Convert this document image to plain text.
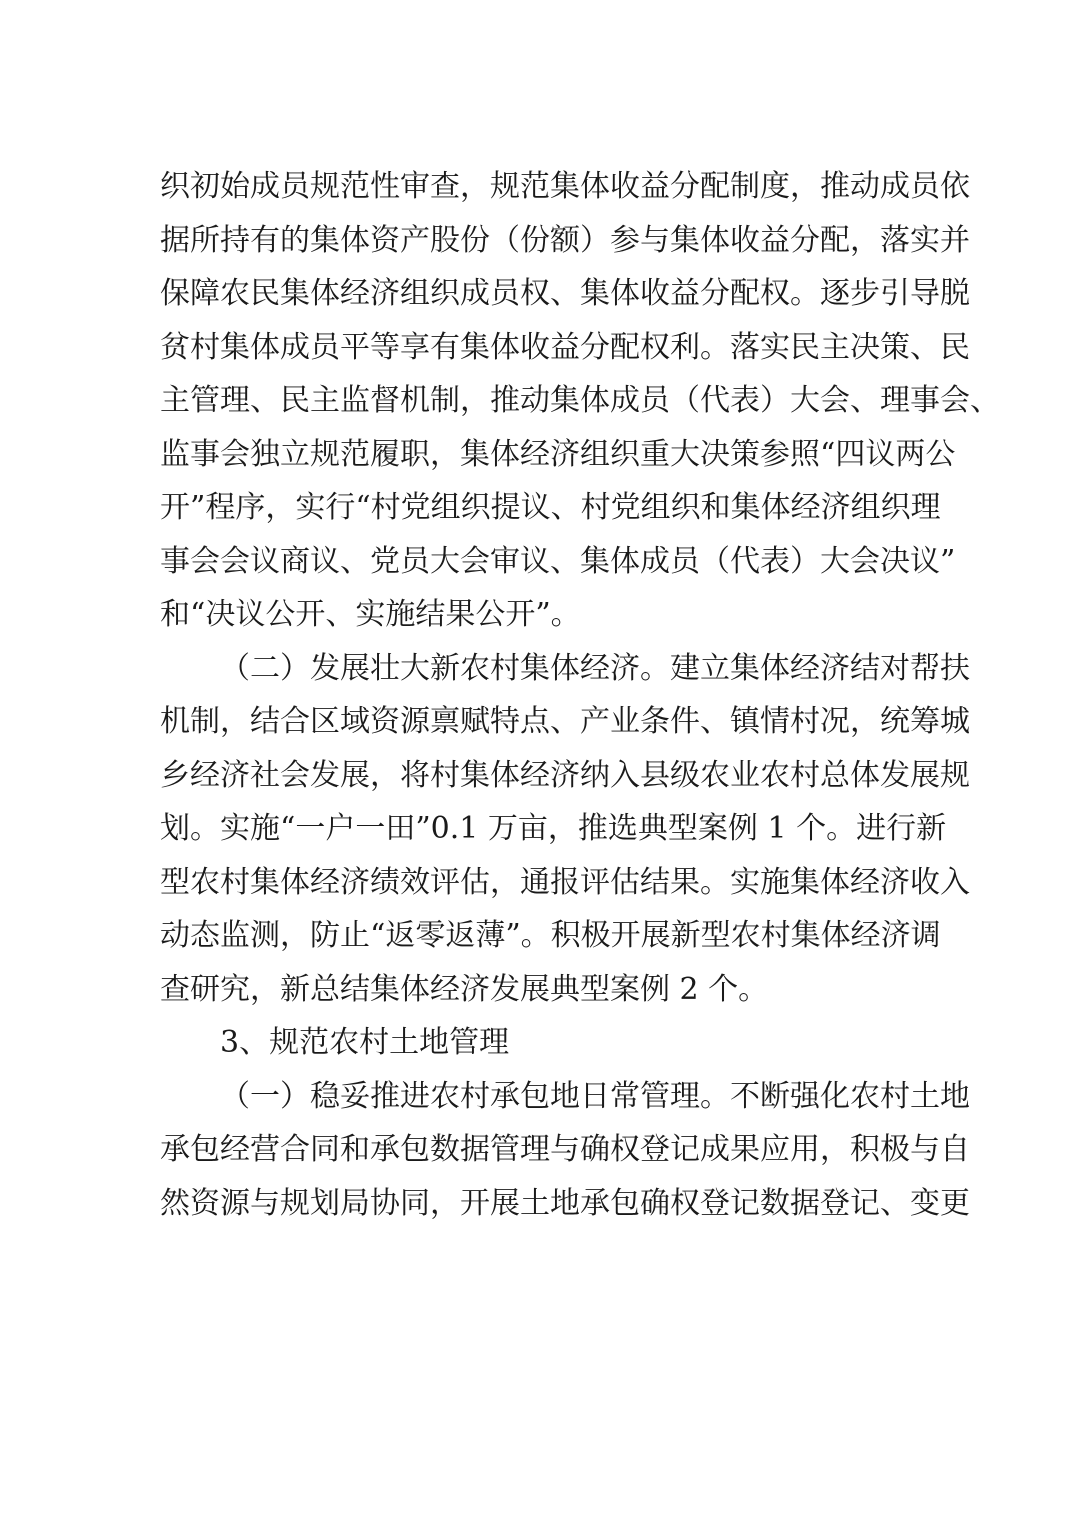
织初始成员规范性审查，规范集体收益分配制度，推动成员依
据所持有的集体资产股份（份额）参与集体收益分配，落实并
保障农民集体经济组织成员权、集体收益分配权。逐步引导脱
贫村集体成员平等享有集体收益分配权利。落实民主决策、民
主管理、民主监督机制，推动集体成员（代表）大会、理事会、
监事会独立规范履职，集体经济组织重大决策参照“四议两公
开”程序，实行“村党组织提议、村党组织和集体经济组织理
事会会议商议、党员大会审议、集体成员（代表）大会决议”
和“决议公开、实施结果公开”。
（二）发展壮大新农村集体经济。建立集体经济结对帮扶
机制，结合区域资源禀赋特点、产业条件、镇情村况，统筹城
乡经济社会发展，将村集体经济纳入县级农业农村总体发展规
划。实施“一户一田”0.1 万亩，推选典型案例 1 个。进行新
型农村集体经济绩效评估，通报评估结果。实施集体经济收入
动态监测，防止“返零返薄”。积极开展新型农村集体经济调
查研究，新总结集体经济发展典型案例 2 个。
3、规范农村土地管理
（一）稳妥推进农村承包地日常管理。不断强化农村土地
承包经营合同和承包数据管理与确权登记成果应用，积极与自
然资源与规划局协同，开展土地承包确权登记数据登记、变更
